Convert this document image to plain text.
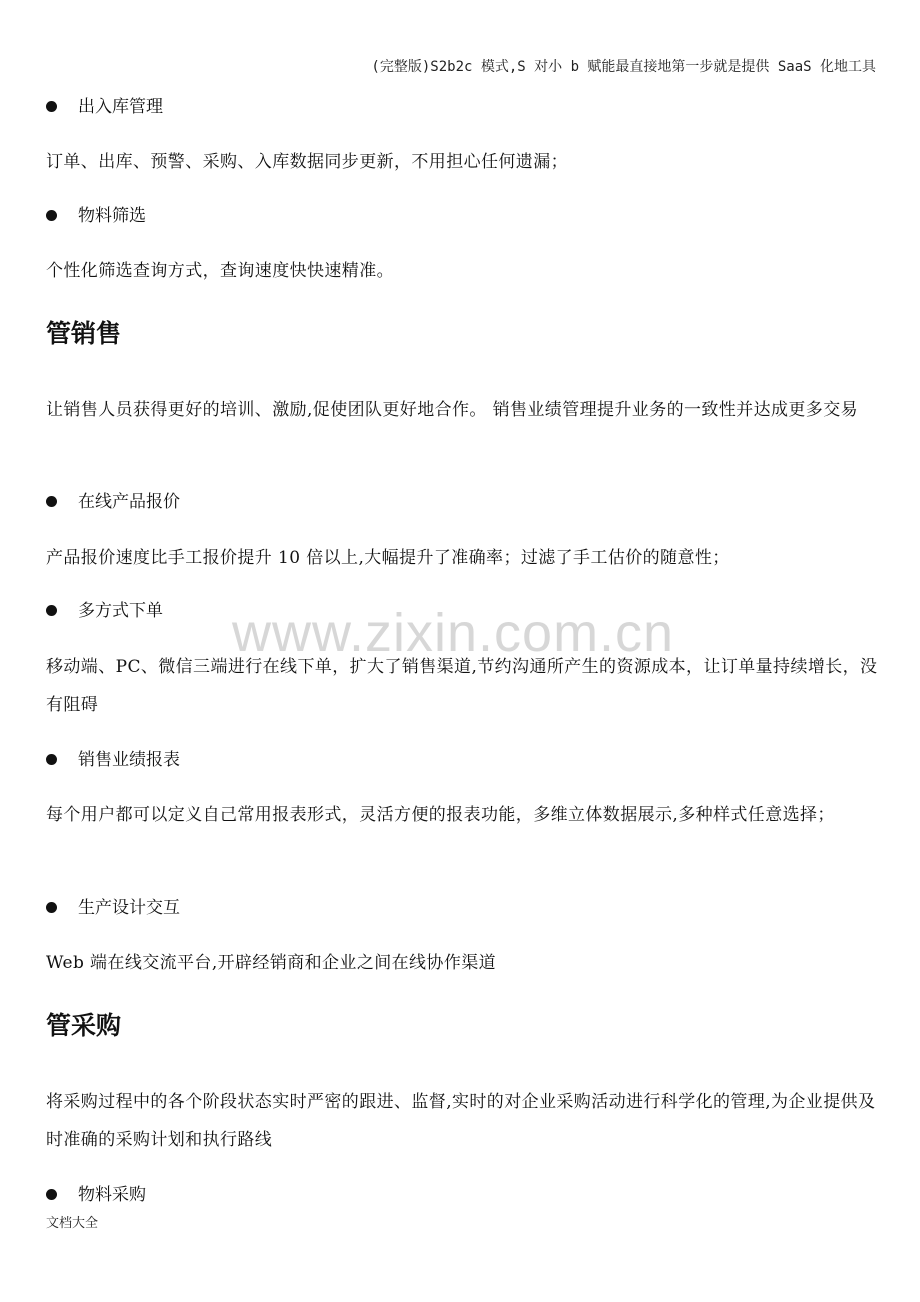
(完整版)S2b2c 模式,S 对小 b 赋能最直接地第一步就是提供 SaaS 化地工具
出入库管理
订单、出库、预警、采购、入库数据同步更新，不用担心任何遗漏；
物料筛选
个性化筛选查询方式，查询速度快快速精准。
管销售
让销售人员获得更好的培训、激励,促使团队更好地合作。 销售业绩管理提升业务的一致性并达成更多交易
在线产品报价
产品报价速度比手工报价提升 10 倍以上,大幅提升了准确率；过滤了手工估价的随意性；
多方式下单 www.zixin.com.cn
移动端、PC、微信三端进行在线下单，扩大了销售渠道,节约沟通所产生的资源成本，让订单量持续增长，没有阻碍
销售业绩报表
每个用户都可以定义自己常用报表形式，灵活方便的报表功能，多维立体数据展示,多种样式任意选择；
生产设计交互
Web 端在线交流平台,开辟经销商和企业之间在线协作渠道
管采购
将采购过程中的各个阶段状态实时严密的跟进、监督,实时的对企业采购活动进行科学化的管理,为企业提供及时准确的采购计划和执行路线
物料采购
文档大全
